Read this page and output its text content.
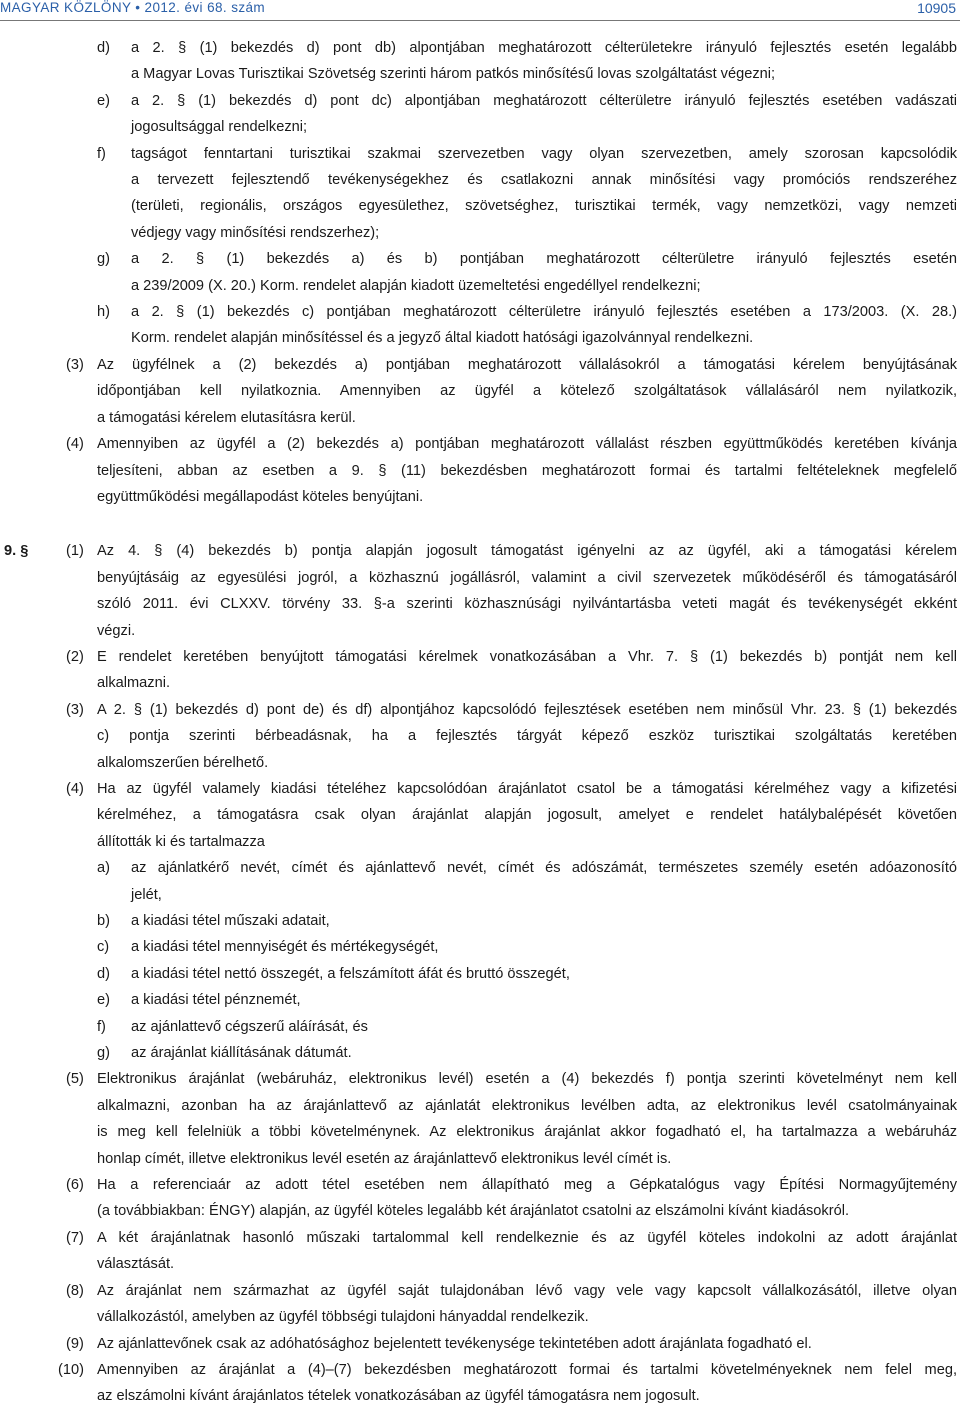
MAGYAR KÖZLÖNY • 2012. évi 68. szám	10905
d) a 2. § (1) bekezdés d) pont db) alpontjában meghatározott célterületekre irányuló fejlesztés esetén legalább
a Magyar Lovas Turisztikai Szövetség szerinti három patkós minősítésű lovas szolgáltatást végezni;
e) a 2. § (1) bekezdés d) pont dc) alpontjában meghatározott célterületre irányuló fejlesztés esetében vadászati
jogosultsággal rendelkezni;
f) tagságot fenntartani turisztikai szakmai szervezetben vagy olyan szervezetben, amely szorosan kapcsolódik
a tervezett fejlesztendő tevékenységekhez és csatlakozni annak minősítési vagy promóciós rendszeréhez
(területi, regionális, országos egyesülethez, szövetséghez, turisztikai termék, vagy nemzetközi, vagy nemzeti
védjegy vagy minősítési rendszerhez);
g) a 2. § (1) bekezdés a) és b) pontjában meghatározott célterületre irányuló fejlesztés esetén
a 239/2009 (X. 20.) Korm. rendelet alapján kiadott üzemeltetési engedéllyel rendelkezni;
h) a 2. § (1) bekezdés c) pontjában meghatározott célterületre irányuló fejlesztés esetében a 173/2003. (X. 28.)
Korm. rendelet alapján minősítéssel és a jegyző által kiadott hatósági igazolvánnyal rendelkezni.
(3) Az ügyfélnek a (2) bekezdés a) pontjában meghatározott vállalásokról a támogatási kérelem benyújtásának
időpontjában kell nyilatkoznia. Amennyiben az ügyfél a kötelező szolgáltatások vállalásáról nem nyilatkozik,
a támogatási kérelem elutasításra kerül.
(4) Amennyiben az ügyfél a (2) bekezdés a) pontjában meghatározott vállalást részben együttműködés keretében kívánja
teljesíteni, abban az esetben a 9. § (11) bekezdésben meghatározott formai és tartalmi feltételeknek megfelelő
együttműködési megállapodást köteles benyújtani.
(1) Az 4. § (4) bekezdés b) pontja alapján jogosult támogatást igényelni az az ügyfél, aki a támogatási kérelem
benyújtásáig az egyesülési jogról, a közhasznú jogállásról, valamint a civil szervezetek működéséről és támogatásáról
szóló 2011. évi CLXXV. törvény 33. §-a szerinti közhasznúsági nyilvántartásba veteti magát és tevékenységét ekként
végzi.
9. §
(2) E rendelet keretében benyújtott támogatási kérelmek vonatkozásában a Vhr. 7. § (1) bekezdés b) pontját nem kell
alkalmazni.
(3) A 2. § (1) bekezdés d) pont de) és df) alpontjához kapcsolódó fejlesztések esetében nem minősül Vhr. 23. § (1) bekezdés
c) pontja szerinti bérbeadásnak, ha a fejlesztés tárgyát képező eszköz turisztikai szolgáltatás keretében
alkalomszerűen bérelhető.
(4) Ha az ügyfél valamely kiadási tételéhez kapcsolódóan árajánlatot csatol be a támogatási kérelméhez vagy a kifizetési
kérelméhez, a támogatásra csak olyan árajánlat alapján jogosult, amelyet e rendelet hatálybalépését követően
állították ki és tartalmazza
a) az ajánlatkérő nevét, címét és ajánlattevő nevét, címét és adószámát, természetes személy esetén adóazonosító
jelét,
b) a kiadási tétel műszaki adatait,
c) a kiadási tétel mennyiségét és mértékegységét,
d) a kiadási tétel nettó összegét, a felszámított áfát és bruttó összegét,
e) a kiadási tétel pénznemét,
f) az ajánlattevő cégszerű aláírását, és
g) az árajánlat kiállításának dátumát.
(5) Elektronikus árajánlat (webáruház, elektronikus levél) esetén a (4) bekezdés f) pontja szerinti követelményt nem kell
alkalmazni, azonban ha az árajánlattevő az ajánlatát elektronikus levélben adta, az elektronikus levél csatolmányainak
is meg kell felelniük a többi követelménynek. Az elektronikus árajánlat akkor fogadható el, ha tartalmazza a webáruház
honlap címét, illetve elektronikus levél esetén az árajánlattevő elektronikus levél címét is.
(6) Ha a referenciaár az adott tétel esetében nem állapítható meg a Gépkatalógus vagy Építési Normagyűjtemény
(a továbbiakban: ÉNGY) alapján, az ügyfél köteles legalább két árajánlatot csatolni az elszámolni kívánt kiadásokról.
(7) A két árajánlatnak hasonló műszaki tartalommal kell rendelkeznie és az ügyfél köteles indokolni az adott árajánlat
választását.
(8) Az árajánlat nem származhat az ügyfél saját tulajdonában lévő vagy vele vagy kapcsolt vállalkozásától, illetve olyan
vállalkozástól, amelyben az ügyfél többségi tulajdoni hányaddal rendelkezik.
(9) Az ajánlattevőnek csak az adóhatósághoz bejelentett tevékenysége tekintetében adott árajánlata fogadható el.
(10) Amennyiben az árajánlat a (4)–(7) bekezdésben meghatározott formai és tartalmi követelményeknek nem felel meg,
az elszámolni kívánt árajánlatos tételek vonatkozásában az ügyfél támogatásra nem jogosult.
